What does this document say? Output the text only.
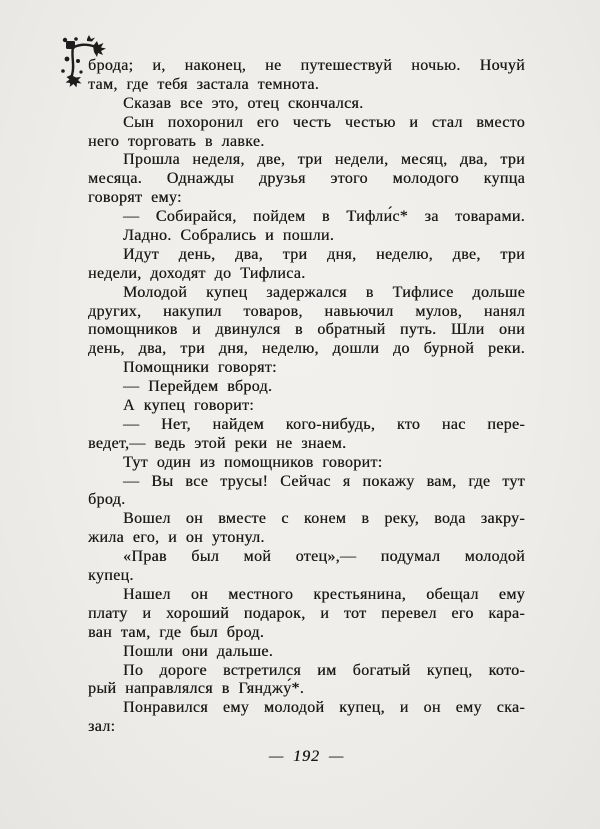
брода; и, наконец, не путешествуй ночью. Ночуй
там, где тебя застала темнота.
Сказав все это, отец скончался.
Сын похоронил его честь честью и стал вместо
него торговать в лавке.
Прошла неделя, две, три недели, месяц, два, три
месяца. Однажды друзья этого молодого купца
говорят ему:
— Собирайся, пойдем в Тифли́с* за товарами.
Ладно. Собрались и пошли.
Идут день, два, три дня, неделю, две, три
недели, доходят до Тифлиса.
Молодой купец задержался в Тифлисе дольше
других, накупил товаров, навьючил мулов, нанял
помощников и двинулся в обратный путь. Шли они
день, два, три дня, неделю, дошли до бурной реки.
Помощники говорят:
— Перейдем вброд.
А купец говорит:
— Нет, найдем кого-нибудь, кто нас пере-
ведет,— ведь этой реки не знаем.
Тут один из помощников говорит:
— Вы все трусы! Сейчас я покажу вам, где тут
брод.
Вошел он вместе с конем в реку, вода закру-
жила его, и он утонул.
«Прав был мой отец»,— подумал молодой
купец.
Нашел он местного крестьянина, обещал ему
плату и хороший подарок, и тот перевел его кара-
ван там, где был брод.
Пошли они дальше.
По дороге встретился им богатый купец, кото-
рый направлялся в Гянджу́*.
Понравился ему молодой купец, и он ему ска-
зал:
— 192 —
